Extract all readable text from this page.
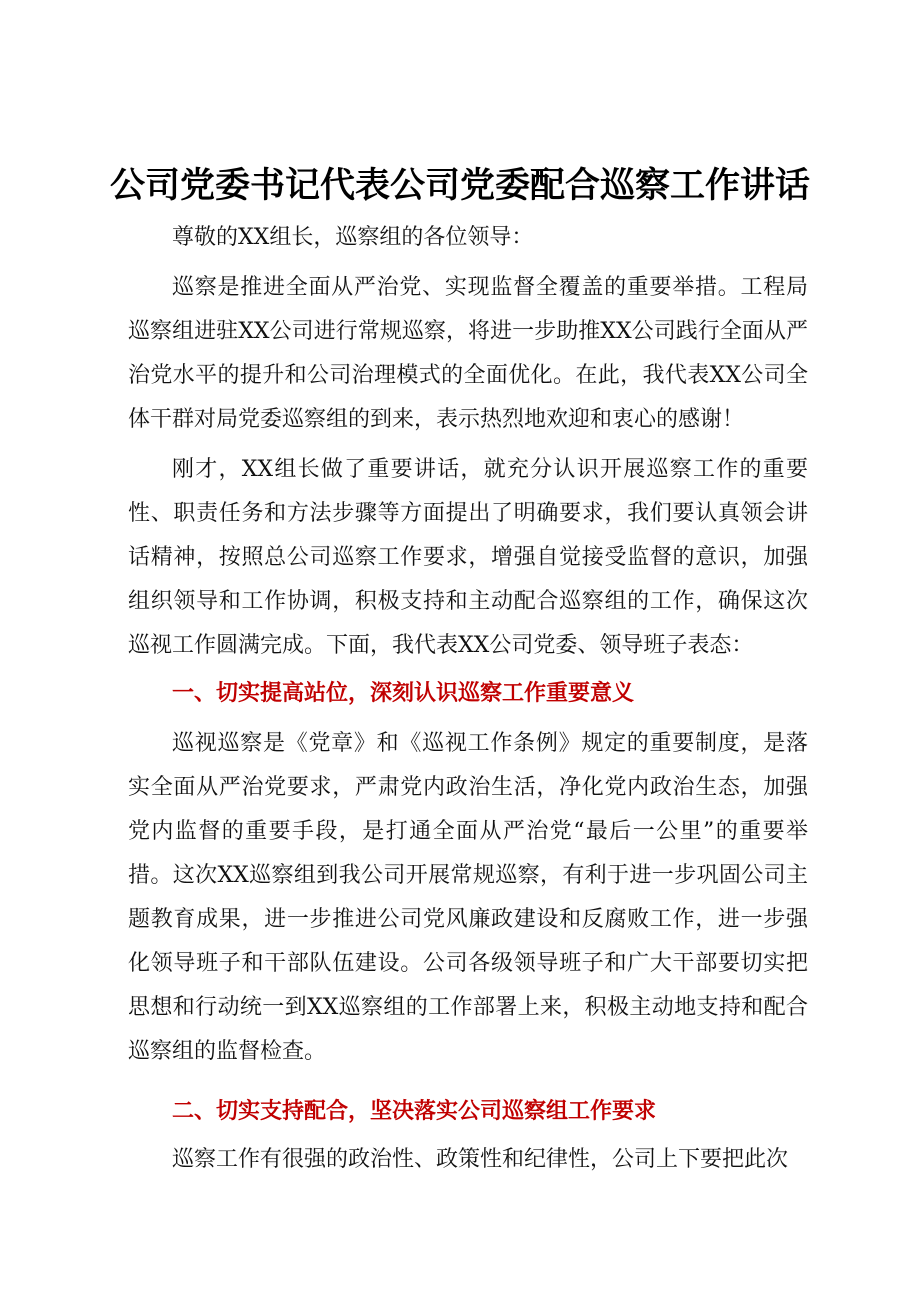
公司党委书记代表公司党委配合巡察工作讲话

尊敬的XX组长，巡察组的各位领导：

巡察是推进全面从严治党、实现监督全覆盖的重要举措。工程局巡察组进驻XX公司进行常规巡察，将进一步助推XX公司践行全面从严治党水平的提升和公司治理模式的全面优化。在此，我代表XX公司全体干群对局党委巡察组的到来，表示热烈地欢迎和衷心的感谢！

刚才，XX组长做了重要讲话，就充分认识开展巡察工作的重要性、职责任务和方法步骤等方面提出了明确要求，我们要认真领会讲话精神，按照总公司巡察工作要求，增强自觉接受监督的意识，加强组织领导和工作协调，积极支持和主动配合巡察组的工作，确保这次巡视工作圆满完成。下面，我代表XX公司党委、领导班子表态：

一、切实提高站位，深刻认识巡察工作重要意义

巡视巡察是《党章》和《巡视工作条例》规定的重要制度，是落实全面从严治党要求，严肃党内政治生活，净化党内政治生态，加强党内监督的重要手段，是打通全面从严治党“最后一公里”的重要举措。这次XX巡察组到我公司开展常规巡察，有利于进一步巩固公司主题教育成果，进一步推进公司党风廉政建设和反腐败工作，进一步强化领导班子和干部队伍建设。公司各级领导班子和广大干部要切实把思想和行动统一到XX巡察组的工作部署上来，积极主动地支持和配合巡察组的监督检查。

二、切实支持配合，坚决落实公司巡察组工作要求

巡察工作有很强的政治性、政策性和纪律性，公司上下要把此次
